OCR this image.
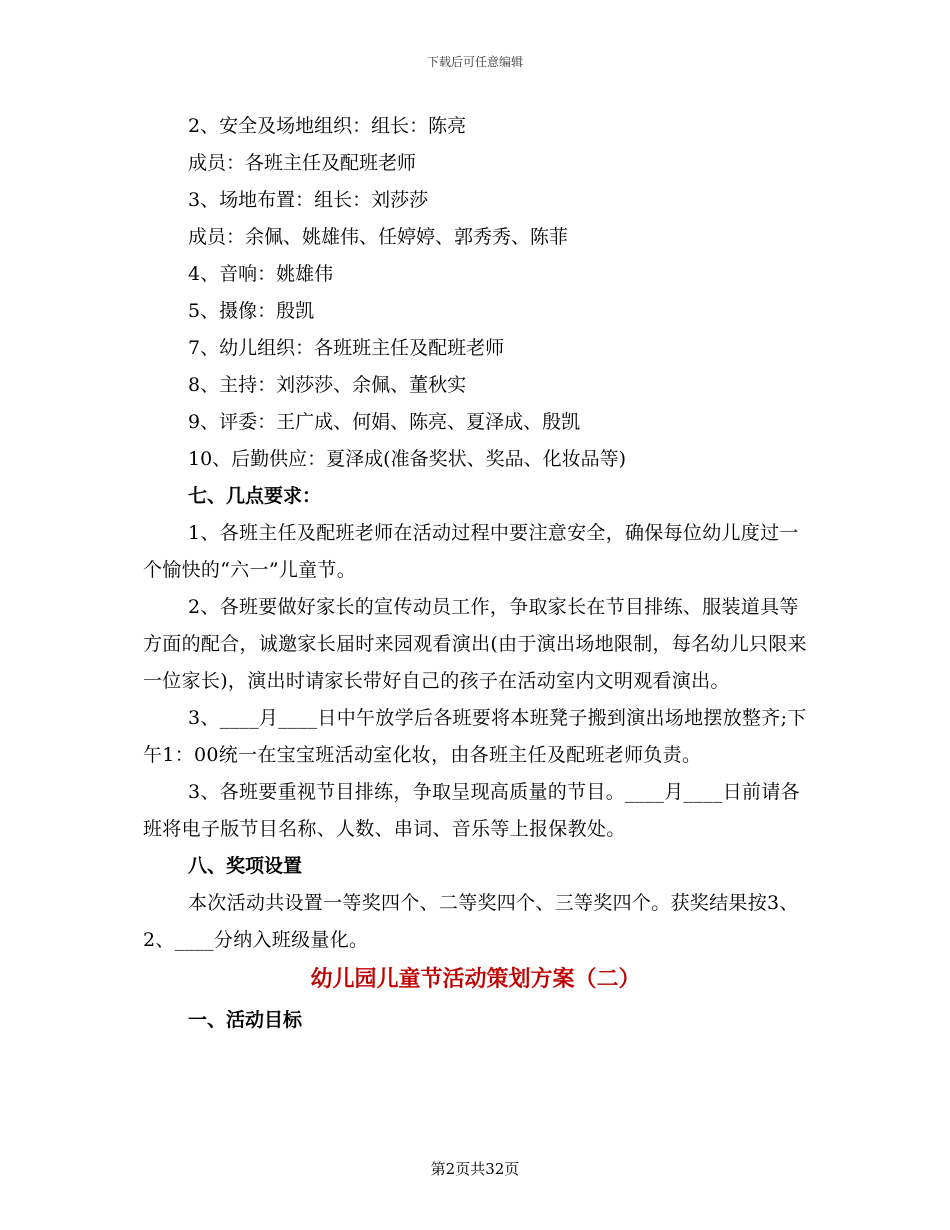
下载后可任意编辑
2、安全及场地组织：组长：陈亮
成员：各班主任及配班老师
3、场地布置：组长：刘莎莎
成员：余佩、姚雄伟、任婷婷、郭秀秀、陈菲
4、音响：姚雄伟
5、摄像：殷凯
7、幼儿组织：各班班主任及配班老师
8、主持：刘莎莎、余佩、董秋实
9、评委：王广成、何娟、陈亮、夏泽成、殷凯
10、后勤供应：夏泽成(准备奖状、奖品、化妆品等)
七、几点要求：
1、各班主任及配班老师在活动过程中要注意安全，确保每位幼儿度过一个愉快的“六一”儿童节。
2、各班要做好家长的宣传动员工作，争取家长在节目排练、服装道具等方面的配合，诚邀家长届时来园观看演出(由于演出场地限制，每名幼儿只限来一位家长)，演出时请家长带好自己的孩子在活动室内文明观看演出。
3、____月____日中午放学后各班要将本班凳子搬到演出场地摆放整齐;下午1：00统一在宝宝班活动室化妆，由各班主任及配班老师负责。
3、各班要重视节目排练，争取呈现高质量的节目。____月____日前请各班将电子版节目名称、人数、串词、音乐等上报保教处。
八、奖项设置
本次活动共设置一等奖四个、二等奖四个、三等奖四个。获奖结果按3、2、____分纳入班级量化。
幼儿园儿童节活动策划方案（二）
一、活动目标
第2页共32页
